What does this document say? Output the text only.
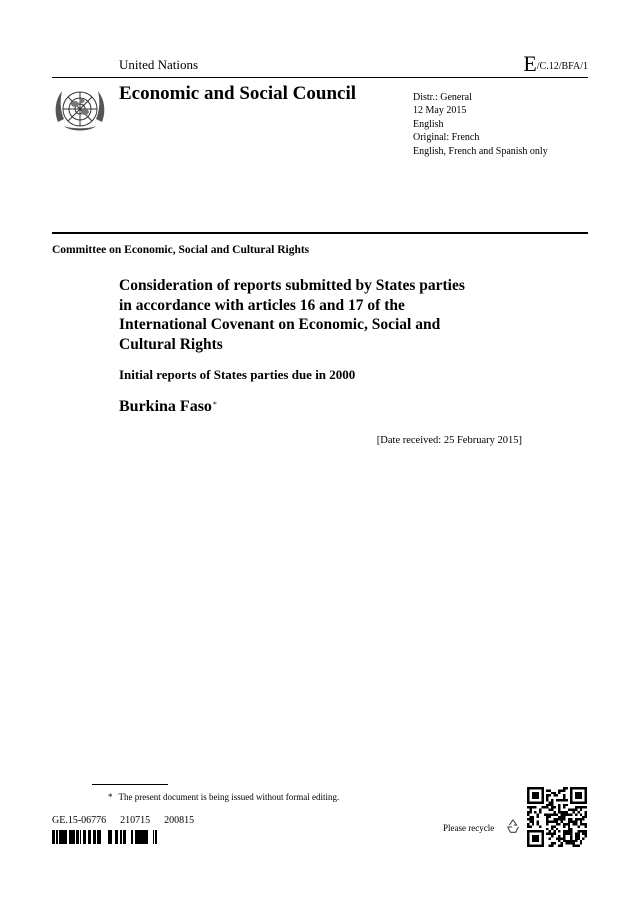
United Nations	E/C.12/BFA/1
Economic and Social Council	Distr.: General
12 May 2015
English
Original: French
English, French and Spanish only
Committee on Economic, Social and Cultural Rights
Consideration of reports submitted by States parties
in accordance with articles 16 and 17 of the
International Covenant on Economic, Social and
Cultural Rights
Initial reports of States parties due in 2000
Burkina Faso*
[Date received: 25 February 2015]
* The present document is being issued without formal editing.
GE.15-06776 210715 200815
Please recycle
